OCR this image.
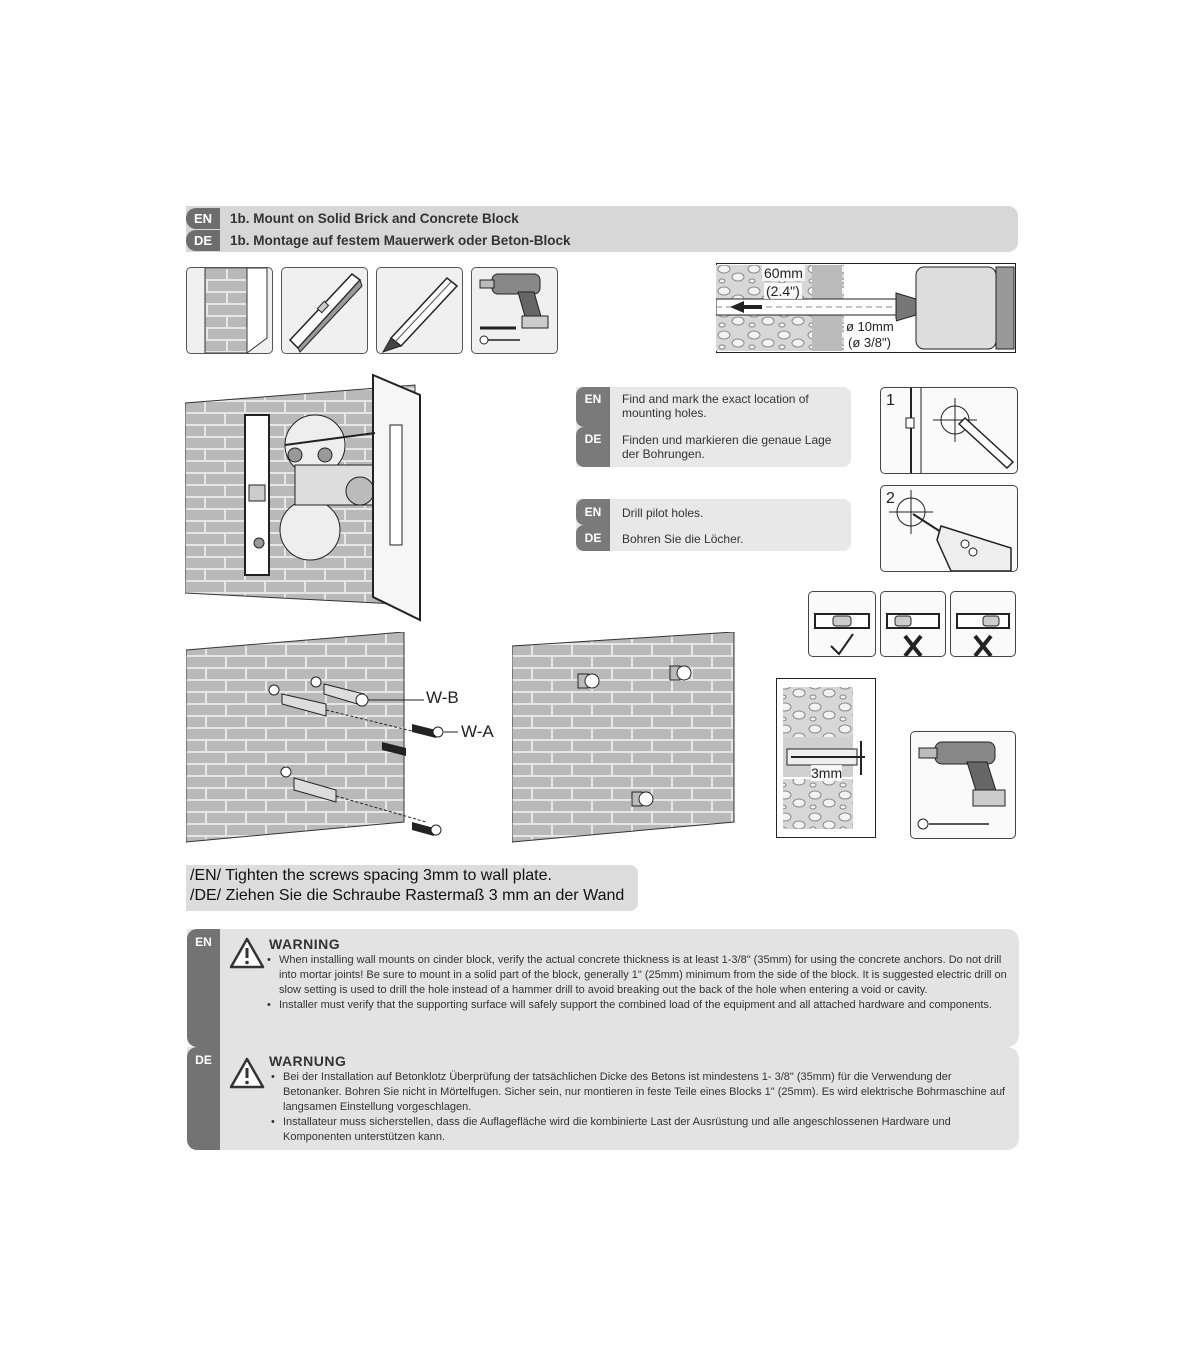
EN	1b. Mount on Solid Brick and Concrete Block
DE	1b. Montage auf festem Mauerwerk oder Beton-Block
60mm
(2.4")
ø 10mm
(ø 3/8")
EN	Find and mark the exact location of mounting holes.
DE	Finden und markieren die genaue Lage der Bohrungen.
EN	Drill pilot holes.
DE	Bohren Sie die Löcher.
1
2
W-B
W-A
3mm
/EN/ Tighten the screws spacing 3mm to wall plate.
/DE/ Ziehen Sie die Schraube Rastermaß 3 mm an der Wand
EN	WARNING
• When installing wall mounts on cinder block, verify the actual concrete thickness is at least 1-3/8" (35mm) for using the concrete anchors. Do not drill into mortar joints! Be sure to mount in a solid part of the block, generally 1" (25mm) minimum from the side of the block. It is suggested electric drill on slow setting is used to drill the hole instead of a hammer drill to avoid breaking out the back of the hole when entering a void or cavity.
• Installer must verify that the supporting surface will safely support the combined load of the equipment and all attached hardware and components.
DE	WARNUNG
• Bei der Installation auf Betonklotz Überprüfung der tatsächlichen Dicke des Betons ist mindestens 1- 3/8" (35mm) für die Verwendung der Betonanker. Bohren Sie nicht in Mörtelfugen. Sicher sein, nur montieren in feste Teile eines Blocks 1" (25mm). Es wird elektrische Bohrmaschine auf langsamen Einstellung vorgeschlagen.
• Installateur muss sicherstellen, dass die Auflagefläche wird die kombinierte Last der Ausrüstung und alle angeschlossenen Hardware und Komponenten unterstützen kann.
